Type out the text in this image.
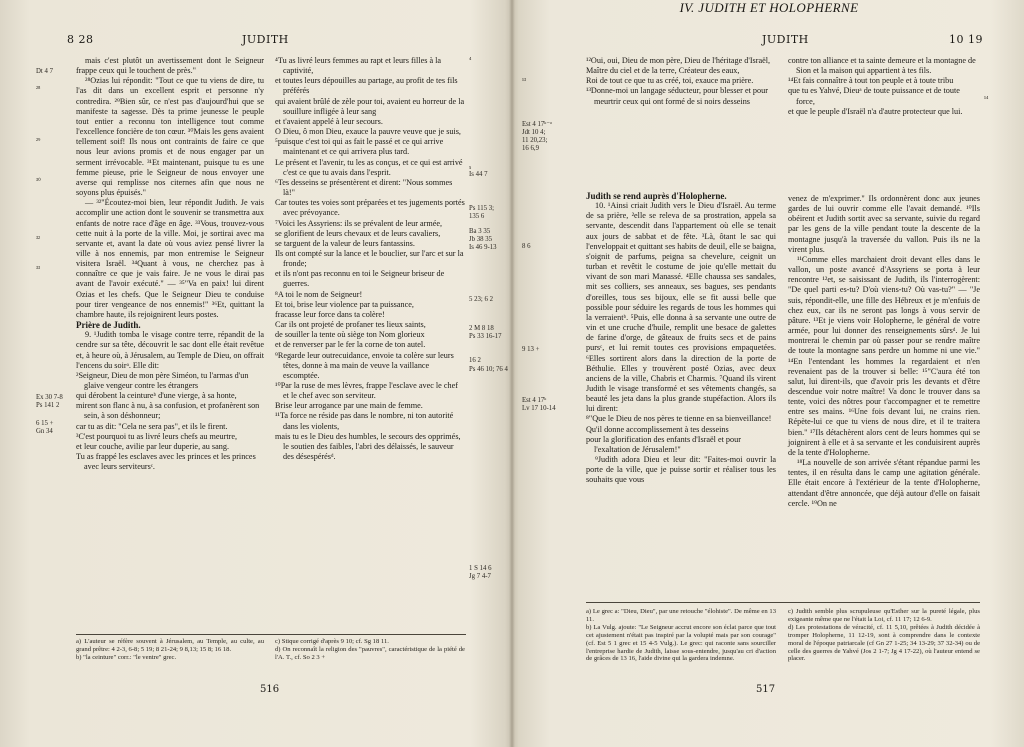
8 28	JUDITH
Dt 4 7
²⁸
²⁹
³⁰
³²
³³
Ex 30 7-8
Ps 141 2
6 15 +
Gn 34
⁴
⁵
Is 44 7
Ps 115 3;
135 6
Ba 3 35
Jb 38 35
Is 46 9-13
5 23; 6 2
2 M 8 18
Ps 33 16-17
16 2
Ps 46 10; 76 4
1 S 14 6
Jg 7 4-7

mais c'est plutôt un avertissement dont le Seigneur frappe ceux qui le touchent de près."

²⁸Ozias lui répondit: "Tout ce que tu viens de dire, tu l'as dit dans un excellent esprit et personne n'y contredira. ²⁹Bien sûr, ce n'est pas d'aujourd'hui que se manifeste ta sagesse. Dès ta prime jeunesse le peuple tout entier a reconnu ton intelligence tout comme l'excellence foncière de ton cœur. ³⁰Mais les gens avaient tellement soif! Ils nous ont contraints de faire ce que nous leur avions promis et de nous engager par un serment irrévocable. ³¹Et maintenant, puisque tu es une femme pieuse, prie le Seigneur de nous envoyer une averse qui remplisse nos citernes afin que nous ne soyons plus épuisés."

— ³²"Écoutez-moi bien, leur répondit Judith. Je vais accomplir une action dont le souvenir se transmettra aux enfants de notre race d'âge en âge. ³³Vous, trouvez-vous cette nuit à la porte de la ville. Moi, je sortirai avec ma servante et, avant la date où vous aviez pensé livrer la ville à nos ennemis, par mon entremise le Seigneur visitera Israël. ³⁴Quant à vous, ne cherchez pas à connaître ce que je vais faire. Je ne vous le dirai pas avant de l'avoir exécuté." — ³⁵"Va en paix! lui dirent Ozias et les chefs. Que le Seigneur Dieu te conduise pour tirer vengeance de nos ennemis!" ³⁶Et, quittant la chambre haute, ils rejoignirent leurs postes.

Prière de Judith.

9. ¹Judith tomba le visage contre terre, répandit de la cendre sur sa tête, découvrit le sac dont elle était revêtue et, à heure où, à Jérusalem, au Temple de Dieu, on offrait l'encens du soirᵃ. Elle dit:

²Seigneur, Dieu de mon père Siméon, tu l'armas d'un glaive vengeur contre les étrangers

qui dérobent la ceintureᵇ d'une vierge, à sa honte,

mirent son flanc à nu, à sa confusion, et profanèrent son sein, à son déshonneur;

car tu as dit: "Cela ne sera pas", et ils le firent.

³C'est pourquoi tu as livré leurs chefs au meurtre,

et leur couche, avilie par leur duperie, au sang.

Tu as frappé les esclaves avec les princes et les princes avec leurs serviteursᶜ.

⁴Tu as livré leurs femmes au rapt et leurs filles à la captivité,

et toutes leurs dépouilles au partage, au profit de tes fils préférés

qui avaient brûlé de zèle pour toi, avaient eu horreur de la souillure infligée à leur sang

et t'avaient appelé à leur secours.

O Dieu, ô mon Dieu, exauce la pauvre veuve que je suis,

⁵puisque c'est toi qui as fait le passé et ce qui arrive maintenant et ce qui arrivera plus tard.

Le présent et l'avenir, tu les as conçus, et ce qui est arrivé c'est ce que tu avais dans l'esprit.

⁶Tes desseins se présentèrent et dirent: "Nous sommes là!"

Car toutes tes voies sont préparées et tes jugements portés avec prévoyance.

⁷Voici les Assyriens: ils se prévalent de leur armée,

se glorifient de leurs chevaux et de leurs cavaliers,

se targuent de la valeur de leurs fantassins.

Ils ont compté sur la lance et le bouclier, sur l'arc et sur la fronde;

et ils n'ont pas reconnu en toi le Seigneur briseur de guerres.

⁸A toi le nom de Seigneur!

Et toi, brise leur violence par ta puissance,

fracasse leur force dans ta colère!

Car ils ont projeté de profaner tes lieux saints,

de souiller la tente où siège ton Nom glorieux

et de renverser par le fer la corne de ton autel.

⁹Regarde leur outrecuidance, envoie ta colère sur leurs têtes, donne à ma main de veuve la vaillance escomptée.

¹⁰Par la ruse de mes lèvres, frappe l'esclave avec le chef et le chef avec son serviteur.

Brise leur arrogance par une main de femme.

¹¹Ta force ne réside pas dans le nombre, ni ton autorité dans les violents,

mais tu es le Dieu des humbles, le secours des opprimés, le soutien des faibles, l'abri des délaissés, le sauveur des désespérésᵈ.

a) L'auteur se réfère souvent à Jérusalem, au Temple, au culte, au grand prêtre: 4 2-3, 6-8; 5 19; 8 21-24; 9 8,13; 15 8; 16 18.
b) "la ceinture" corr.: "le ventre" grec.
c) Stique corrigé d'après 9 10; cf. Sg 18 11.
d) On reconnaît la religion des "pauvres", caractéristique de la piété de l'A. T., cf. So 2 3 +
516
JUDITH	10 19
¹³
Est 4 17ᵏ⁻ᵃ
Jdt 10 4;
11 20,23;
16 6,9
8 6
9 13 +
Est 4 17ᵏ
Lv 17 10-14
¹⁴

¹²Oui, oui, Dieu de mon père, Dieu de l'héritage d'Israël,

Maître du ciel et de la terre, Créateur des eaux,

Roi de tout ce que tu as créé, toi, exauce ma prière.

¹³Donne-moi un langage séducteur, pour blesser et pour meurtrir ceux qui ont formé de si noirs desseins

contre ton alliance et ta sainte demeure et la montagne de Sion et la maison qui appartient à tes fils.

¹⁴Et fais connaître à tout ton peuple et à toute tribu

que tu es Yahvé, Dieuᵃ de toute puissance et de toute force,

et que le peuple d'Israël n'a d'autre protecteur que lui.

IV. JUDITH ET HOLOPHERNE

Judith se rend auprès d'Holopherne.

10. ¹Ainsi criait Judith vers le Dieu d'Israël. Au terme de sa prière, ²elle se releva de sa prostration, appela sa servante, descendit dans l'appartement où elle se tenait aux jours de sabbat et de fête. ³Là, ôtant le sac qui l'enveloppait et quittant ses habits de deuil, elle se baigna, s'oignit de parfums, peigna sa chevelure, ceignit un turban et revêtit le costume de joie qu'elle mettait du vivant de son mari Manassé. ⁴Elle chaussa ses sandales, mit ses colliers, ses anneaux, ses bagues, ses pendants d'oreilles, tous ses bijoux, elle se fit aussi belle que possible pour séduire les regards de tous les hommes qui la verraientᵇ. ⁵Puis, elle donna à sa servante une outre de vin et une cruche d'huile, remplit une besace de galettes de farine d'orge, de gâteaux de fruits secs et de pains pursᶜ, et lui remit toutes ces provisions empaquetées. ⁶Elles sortirent alors dans la direction de la porte de Béthulie. Elles y trouvèrent posté Ozias, avec deux anciens de la ville, Chabris et Charmis. ⁷Quand ils virent Judith le visage transformé et ses vêtements changés, sa beauté les jeta dans la plus grande stupéfaction. Alors ils lui dirent:

⁸"Que le Dieu de nos pères te tienne en sa bienveillance!

Qu'il donne accomplissement à tes desseins

pour la glorification des enfants d'Israël et pour l'exaltation de Jérusalem!"

⁹Judith adora Dieu et leur dit: "Faites-moi ouvrir la porte de la ville, que je puisse sortir et réaliser tous les souhaits que vous

venez de m'exprimer." Ils ordonnèrent donc aux jeunes gardes de lui ouvrir comme elle l'avait demandé. ¹⁰Ils obéirent et Judith sortit avec sa servante, suivie du regard par les gens de la ville pendant toute la descente de la montagne jusqu'à la traversée du vallon. Puis ils ne la virent plus.

¹¹Comme elles marchaient droit devant elles dans le vallon, un poste avancé d'Assyriens se porta à leur rencontre ¹²et, se saisissant de Judith, ils l'interrogèrent: "De quel parti es-tu? D'où viens-tu? Où vas-tu?" — "Je suis, répondit-elle, une fille des Hébreux et je m'enfuis de chez eux, car ils ne seront pas longs à vous servir de pâture. ¹³Et je viens voir Holopherne, le général de votre armée, pour lui donner des renseignements sûrsᵈ. Je lui montrerai le chemin par où passer pour se rendre maître de toute la montagne sans perdre un homme ni une vie." ¹⁴En l'entendant les hommes la regardaient et n'en revenaient pas de la trouver si belle: ¹⁵"C'aura été ton salut, lui dirent-ils, que d'avoir pris les devants et d'être descendue voir notre maître! Va donc le trouver dans sa tente, voici des nôtres pour t'accompagner et te remettre entre ses mains. ¹⁶Une fois devant lui, ne crains rien. Répète-lui ce que tu viens de nous dire, et il te traitera bien." ¹⁷Ils détachèrent alors cent de leurs hommes qui se joignirent à elle et à sa servante et les conduisirent auprès de la tente d'Holopherne.

¹⁸La nouvelle de son arrivée s'étant répandue parmi les tentes, il en résulta dans le camp une agitation générale. Elle était encore à l'extérieur de la tente d'Holopherne, attendant d'être annoncée, que déjà autour d'elle on faisait cercle. ¹⁹On ne

a) Le grec a: "Dieu, Dieu", par une retouche "élohiste". De même en 13 11.
b) La Vulg. ajoute: "Le Seigneur accrut encore son éclat parce que tout cet ajustement n'était pas inspiré par la volupté mais par son courage" (cf. Est 5 1 grec et 15 4-5 Vulg.). Le grec: qui raconte sans sourciller l'entreprise hardie de Judith, laisse sous-entendre, jusqu'au cri d'action de grâces de 13 16, l'aide divine qui la gardera indemne.
c) Judith semble plus scrupuleuse qu'Esther sur la pureté légale, plus exigeante même que ne l'était la Loi, cf. 11 17; 12 6-9.
d) Les protestations de véracité, cf. 11 5,10, prêtées à Judith décidée à tromper Holopherne, 11 12-19, sont à comprendre dans le contexte moral de l'époque patriarcale (cf Gn 27 1-25; 34 13-29; 37 32-34) ou de celle des guerres de Yahvé (Jos 2 1-7; Jg 4 17-22), où l'auteur entend se placer.
517
